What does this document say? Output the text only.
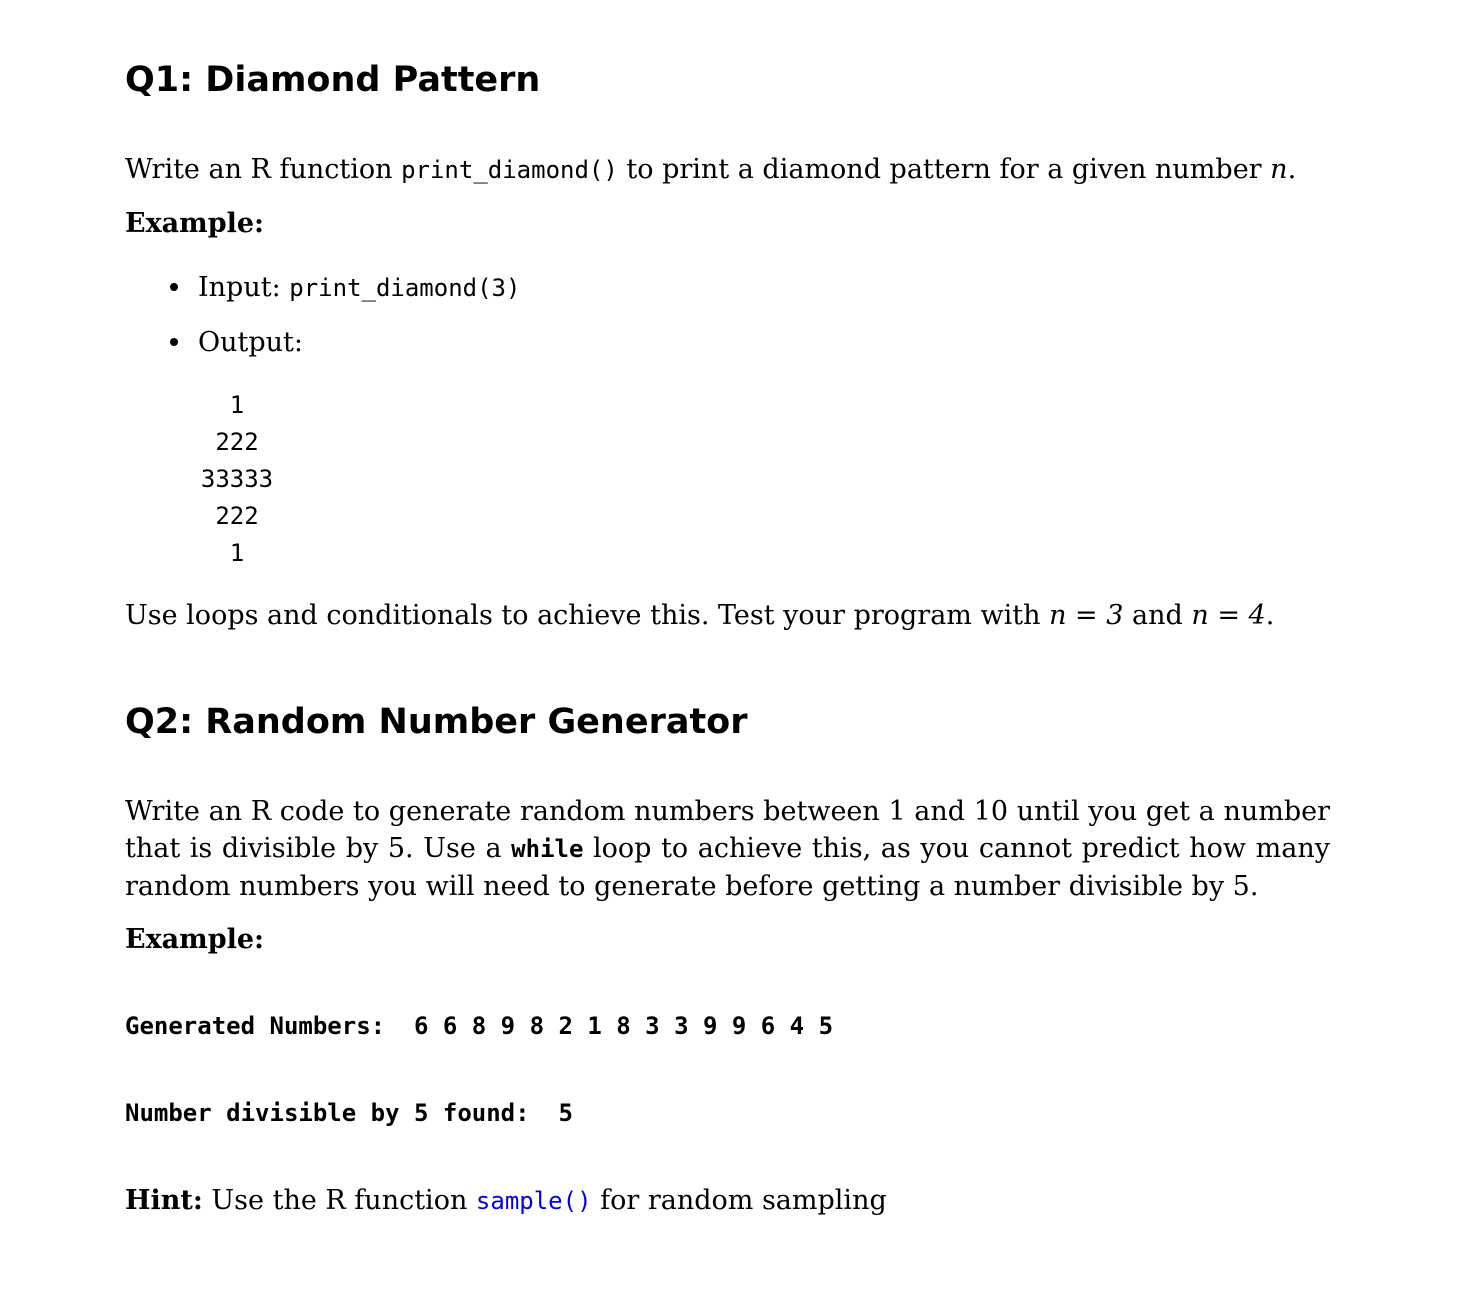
Q1: Diamond Pattern

Write an R function print_diamond() to print a diamond pattern for a given number n.

Example:

Input: print_diamond(3)

Output:

1
222
33333
222
1

Use loops and conditionals to achieve this. Test your program with n = 3 and n = 4.

Q2: Random Number Generator

Write an R code to generate random numbers between 1 and 10 until you get a number that is divisible by 5. Use a while loop to achieve this, as you cannot predict how many random numbers you will need to generate before getting a number divisible by 5.

Example:

Generated Numbers:  6 6 8 9 8 2 1 8 3 3 9 9 6 4 5

Number divisible by 5 found:  5

Hint: Use the R function sample() for random sampling
